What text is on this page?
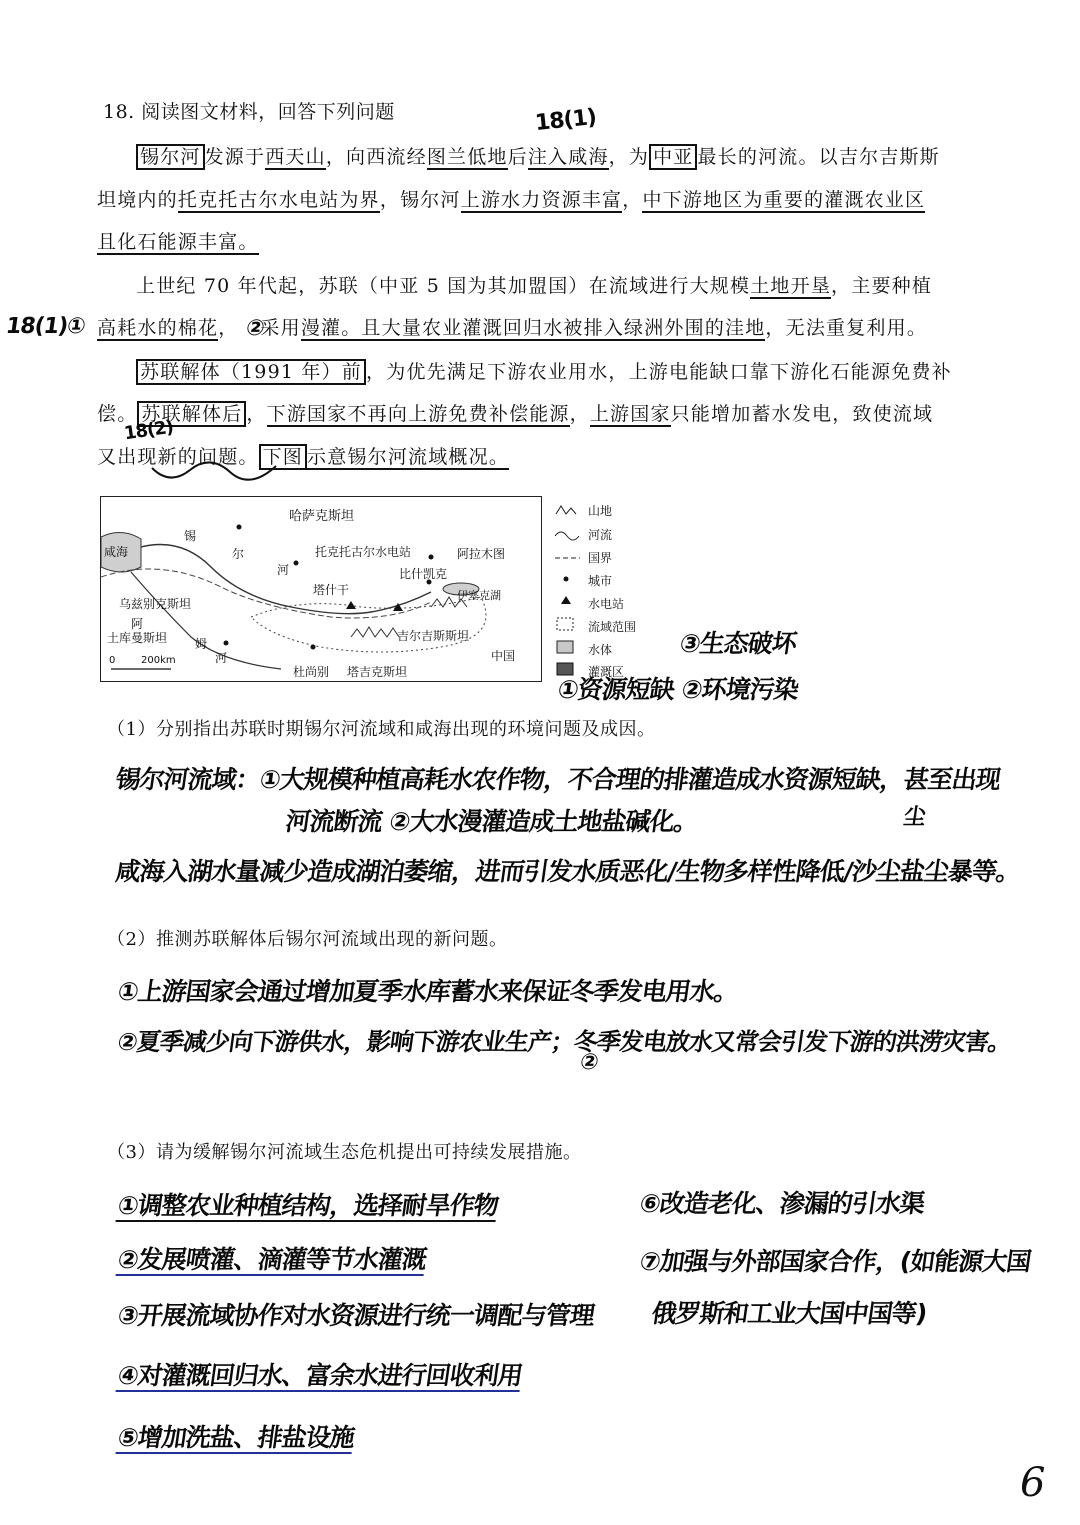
18. 阅读图文材料，回答下列问题
锡尔河 发源于西天山，向西流经图兰低地后注入咸海，为 中亚 最长的河流。以吉尔吉斯斯
坦境内的托克托古尔水电站为界，锡尔河上游水力资源丰富，中下游地区为重要的灌溉农业区
且化石能源丰富。
上世纪 70 年代起，苏联（中亚 5 国为其加盟国）在流域进行大规模土地开垦，主要种植
高耗水的棉花， 采用漫灌。且大量农业灌溉回归水被排入绿洲外围的洼地，无法重复利用。
苏联解体（1991 年）前 ，为优先满足下游农业用水，上游电能缺口靠下游化石能源免费补
偿。 苏联解体后 ，下游国家不再向上游免费补偿能源，上游国家只能增加蓄水发电，致使流域
又出现新的问题。 下图 示意锡尔河流域概况。
18(1)
18(1)①	②
18(2)
哈萨克斯坦
咸海
锡
尔
河
托克托古尔水电站	阿拉木图
比什凯克
塔什干	伊塞克湖
乌兹别克斯坦
阿
姆
河
土库曼斯坦	吉尔吉斯斯坦
中国
杜尚别 塔吉克斯坦
0	200km
山地
河流
国界
城市
水电站
流域范围
水体
灌溉区
③生态破坏
①资源短缺 ②环境污染
（1）分别指出苏联时期锡尔河流域和咸海出现的环境问题及成因。
锡尔河流域：①大规模种植高耗水农作物，不合理的排灌造成水资源短缺，甚至出现
河流断流 ②大水漫灌造成土地盐碱化。	尘
咸海入湖水量减少造成湖泊萎缩，进而引发水质恶化/生物多样性降低/沙尘盐尘暴等。
（2）推测苏联解体后锡尔河流域出现的新问题。
①上游国家会通过增加夏季水库蓄水来保证冬季发电用水。
②夏季减少向下游供水，影响下游农业生产；冬季发电放水又常会引发下游的洪涝灾害。
②
（3）请为缓解锡尔河流域生态危机提出可持续发展措施。
①调整农业种植结构，选择耐旱作物
②发展喷灌、滴灌等节水灌溉
③开展流域协作对水资源进行统一调配与管理
④对灌溉回归水、富余水进行回收利用
⑤增加洗盐、排盐设施
⑥改造老化、渗漏的引水渠
⑦加强与外部国家合作，(如能源大国
俄罗斯和工业大国中国等)
6
